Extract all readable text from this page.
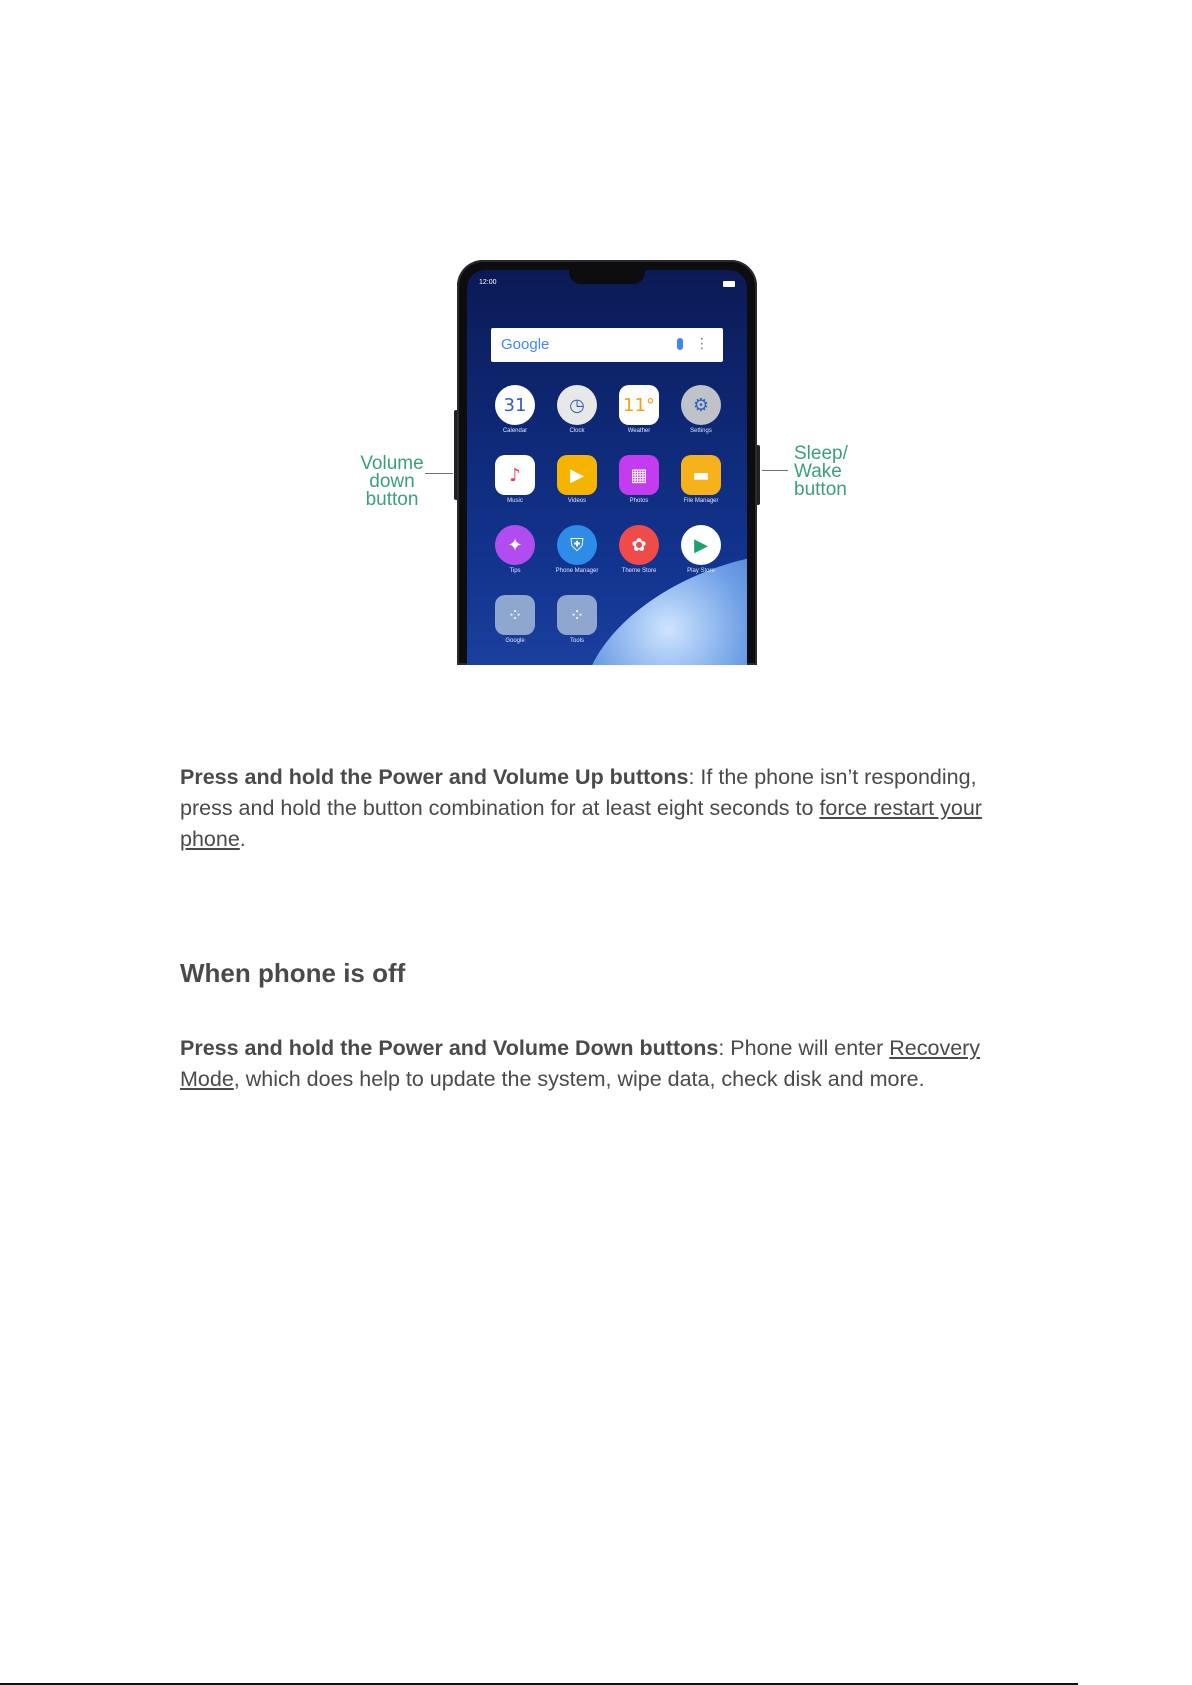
Volume
down button
Sleep/
Wake
button
12:00
Google	⋮
31
Calendar
◷
Clock
11°
Weather
⚙
Settings
♪
Music
▶
Videos
▦
Photos
▬
File Manager
✦
Tips
⛨
Phone Manager
✿
Theme Store
▶
Play Store
⁘
Google
⁘
Tools

Press and hold the Power and Volume Up buttons: If the phone isn’t responding, press and hold the button combination for at least eight seconds to force restart your phone.

When phone is off

Press and hold the Power and Volume Down buttons: Phone will enter Recovery Mode, which does help to update the system, wipe data, check disk and more.
